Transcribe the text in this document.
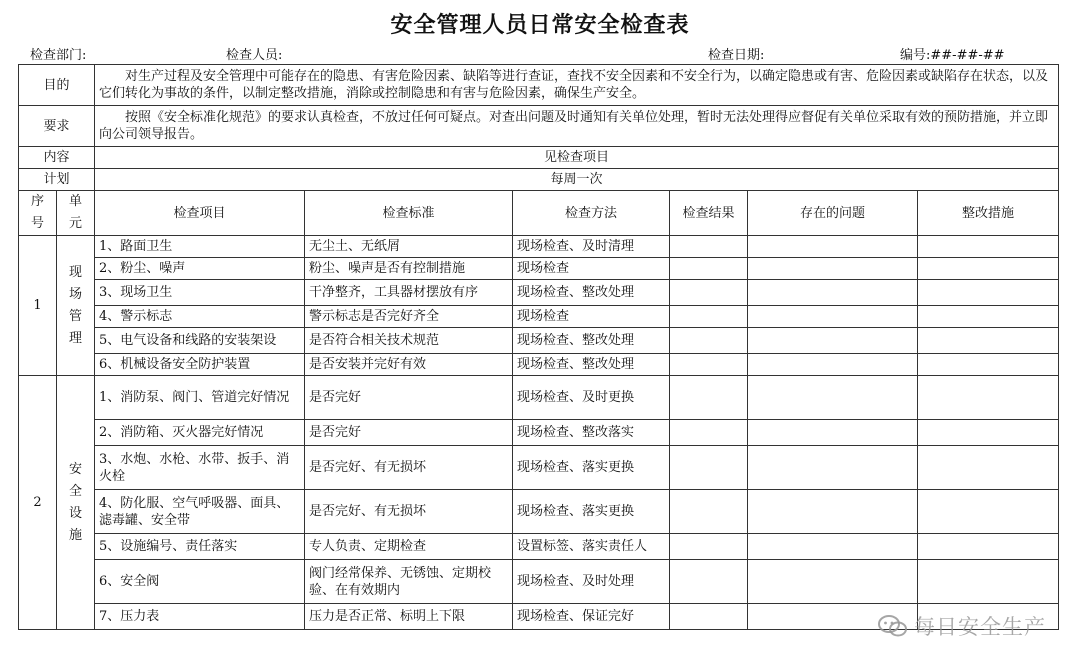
安全管理人员日常安全检查表
检查部门:	检查人员:	检查日期:	编号:##-##-##
目的		对生产过程及安全管理中可能存在的隐患、有害危险因素、缺陷等进行查证，查找不安全因素和不安全行为，以确定隐患或有害、危险因素或缺陷存在状态，以及它们转化为事故的条件，以制定整改措施，消除或控制隐患和有害与危险因素，确保生产安全。					
要求		按照《安全标准化规范》的要求认真检查，不放过任何可疑点。对查出问题及时通知有关单位处理，暂时无法处理得应督促有关单位采取有效的预防措施，并立即向公司领导报告。					
内容		见检查项目					
计划		每周一次					

序号	单元	检查项目	检查标准	检查方法	检查结果	存在的问题	整改措施
1	现场管理	1、路面卫生	无尘土、无纸屑	现场检查、及时清理			
		2、粉尘、噪声	粉尘、噪声是否有控制措施	现场检查			
		3、现场卫生	干净整齐，工具器材摆放有序	现场检查、整改处理			
		4、警示标志	警示标志是否完好齐全	现场检查			
		5、电气设备和线路的安装架设	是否符合相关技术规范	现场检查、整改处理			
		6、机械设备安全防护装置	是否安装并完好有效	现场检查、整改处理			
2	安全设施	1、消防泵、阀门、管道完好情况	是否完好	现场检查、及时更换			
		2、消防箱、灭火器完好情况	是否完好	现场检查、整改落实			
		3、水炮、水枪、水带、扳手、消火栓	是否完好、有无损坏	现场检查、落实更换			
		4、防化服、空气呼吸器、面具、滤毒罐、安全带	是否完好、有无损坏	现场检查、落实更换			
		5、设施编号、责任落实	专人负责、定期检查	设置标签、落实责任人			
		6、安全阀	阀门经常保养、无锈蚀、定期校验、在有效期内	现场检查、及时处理			
		7、压力表	压力是否正常、标明上下限	现场检查、保证完好				每日安全生产
